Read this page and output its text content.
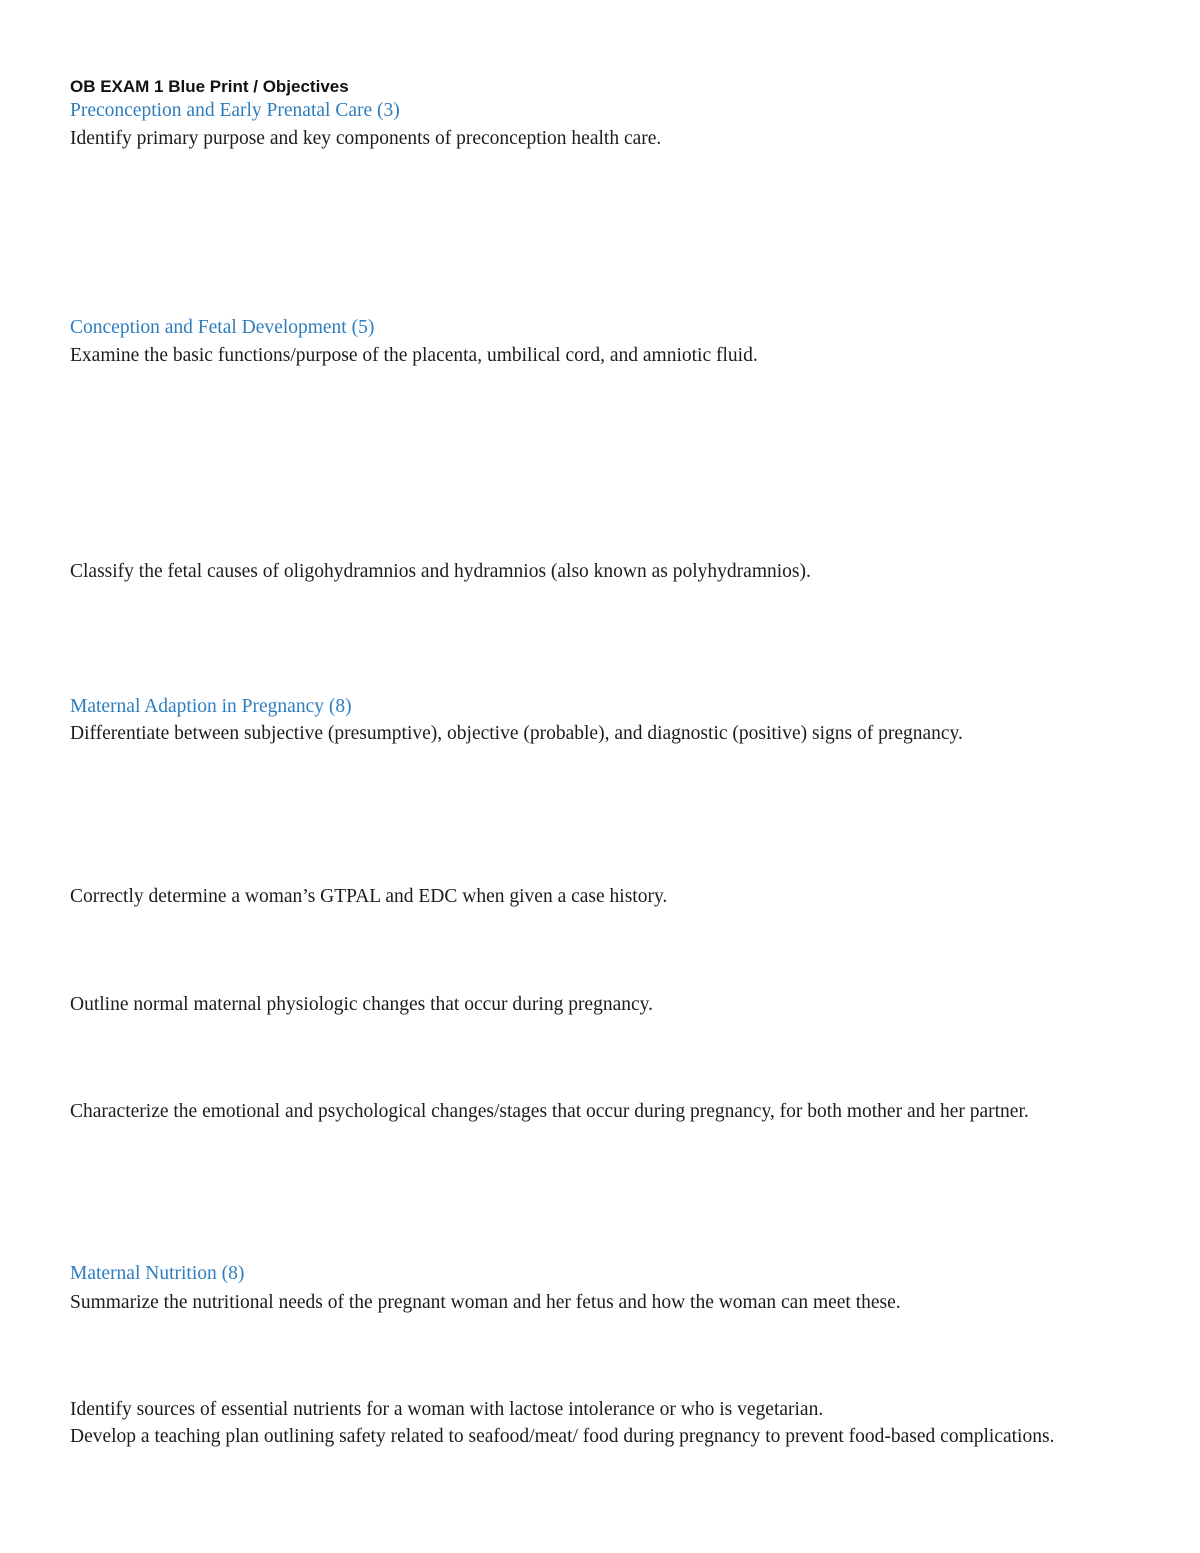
OB EXAM 1 Blue Print / Objectives

Preconception and Early Prenatal Care (3)

Identify primary purpose and key components of preconception health care.

Conception and Fetal Development (5)

Examine the basic functions/purpose of the placenta, umbilical cord, and amniotic fluid.

Classify the fetal causes of oligohydramnios and hydramnios (also known as polyhydramnios).

Maternal Adaption in Pregnancy (8)

Differentiate between subjective (presumptive), objective (probable), and diagnostic (positive) signs of pregnancy.

Correctly determine a woman’s GTPAL and EDC when given a case history.

Outline normal maternal physiologic changes that occur during pregnancy.

Characterize the emotional and psychological changes/stages that occur during pregnancy, for both mother and her partner.

Maternal Nutrition (8)

Summarize the nutritional needs of the pregnant woman and her fetus and how the woman can meet these.

Identify sources of essential nutrients for a woman with lactose intolerance or who is vegetarian.

Develop a teaching plan outlining safety related to seafood/meat/ food during pregnancy to prevent food-based complications.
